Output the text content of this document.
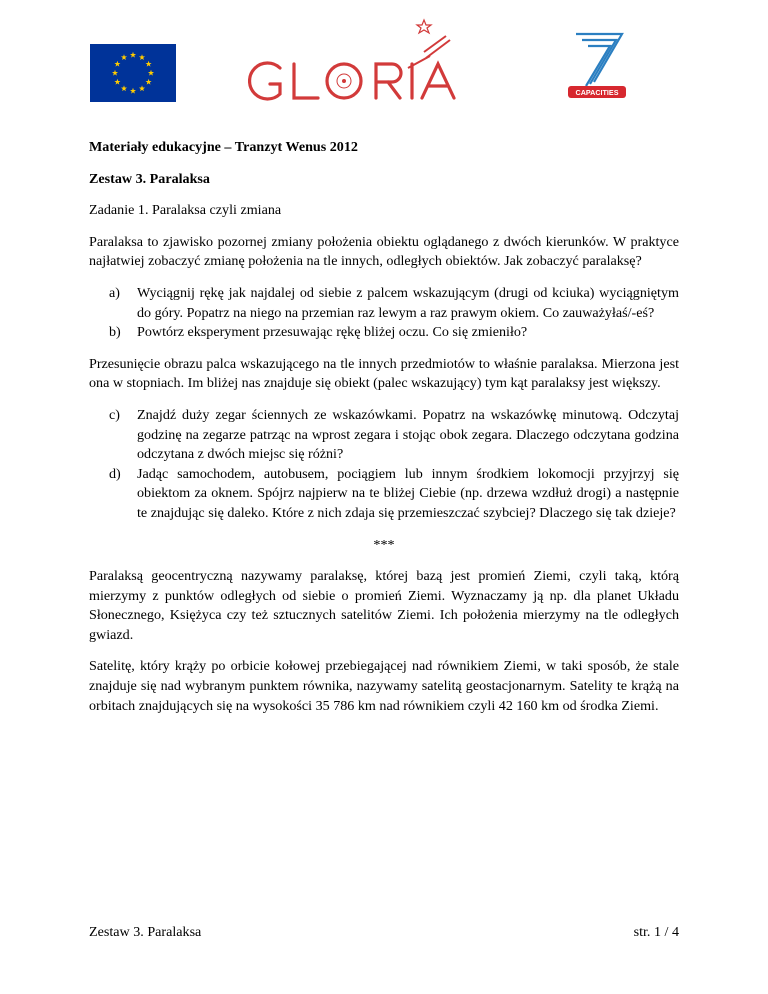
CAPACITIES

Materiały edukacyjne – Tranzyt Wenus 2012

Zestaw 3. Paralaksa

Zadanie 1. Paralaksa czyli zmiana

Paralaksa to zjawisko pozornej zmiany położenia obiektu oglądanego z dwóch kierunków. W praktyce najłatwiej zobaczyć zmianę położenia na tle innych, odległych obiektów. Jak zobaczyć paralaksę?

a) Wyciągnij rękę jak najdalej od siebie z palcem wskazującym (drugi od kciuka) wyciągniętym do góry. Popatrz na niego na przemian raz lewym a raz prawym okiem. Co zauważyłaś/-eś?
b) Powtórz eksperyment przesuwając rękę bliżej oczu. Co się zmieniło?

Przesunięcie obrazu palca wskazującego na tle innych przedmiotów to właśnie paralaksa. Mierzona jest ona w stopniach. Im bliżej nas znajduje się obiekt (palec wskazujący) tym kąt paralaksy jest większy.

c) Znajdź duży zegar ściennych ze wskazówkami. Popatrz na wskazówkę minutową. Odczytaj godzinę na zegarze patrząc na wprost zegara i stojąc obok zegara. Dlaczego odczytana godzina odczytana z dwóch miejsc się różni?
d) Jadąc samochodem, autobusem, pociągiem lub innym środkiem lokomocji przyjrzyj się obiektom za oknem. Spójrz najpierw na te bliżej Ciebie (np. drzewa wzdłuż drogi) a następnie te znajdując się daleko. Które z nich zdaja się przemieszczać szybciej? Dlaczego się tak dzieje?

***

Paralaksą geocentryczną nazywamy paralaksę, której bazą jest promień Ziemi, czyli taką, którą mierzymy z punktów odległych od siebie o promień Ziemi. Wyznaczamy ją np. dla planet Układu Słonecznego, Księżyca czy też sztucznych satelitów Ziemi. Ich położenia mierzymy na tle odległych gwiazd.

Satelitę, który krąży po orbicie kołowej przebiegającej nad równikiem Ziemi, w taki sposób, że stale znajduje się nad wybranym punktem równika, nazywamy satelitą geostacjonarnym. Satelity te krążą na orbitach znajdujących się na wysokości 35 786 km nad równikiem czyli 42 160 km od środka Ziemi.

Zestaw 3. Paralaksa	str. 1 / 4
